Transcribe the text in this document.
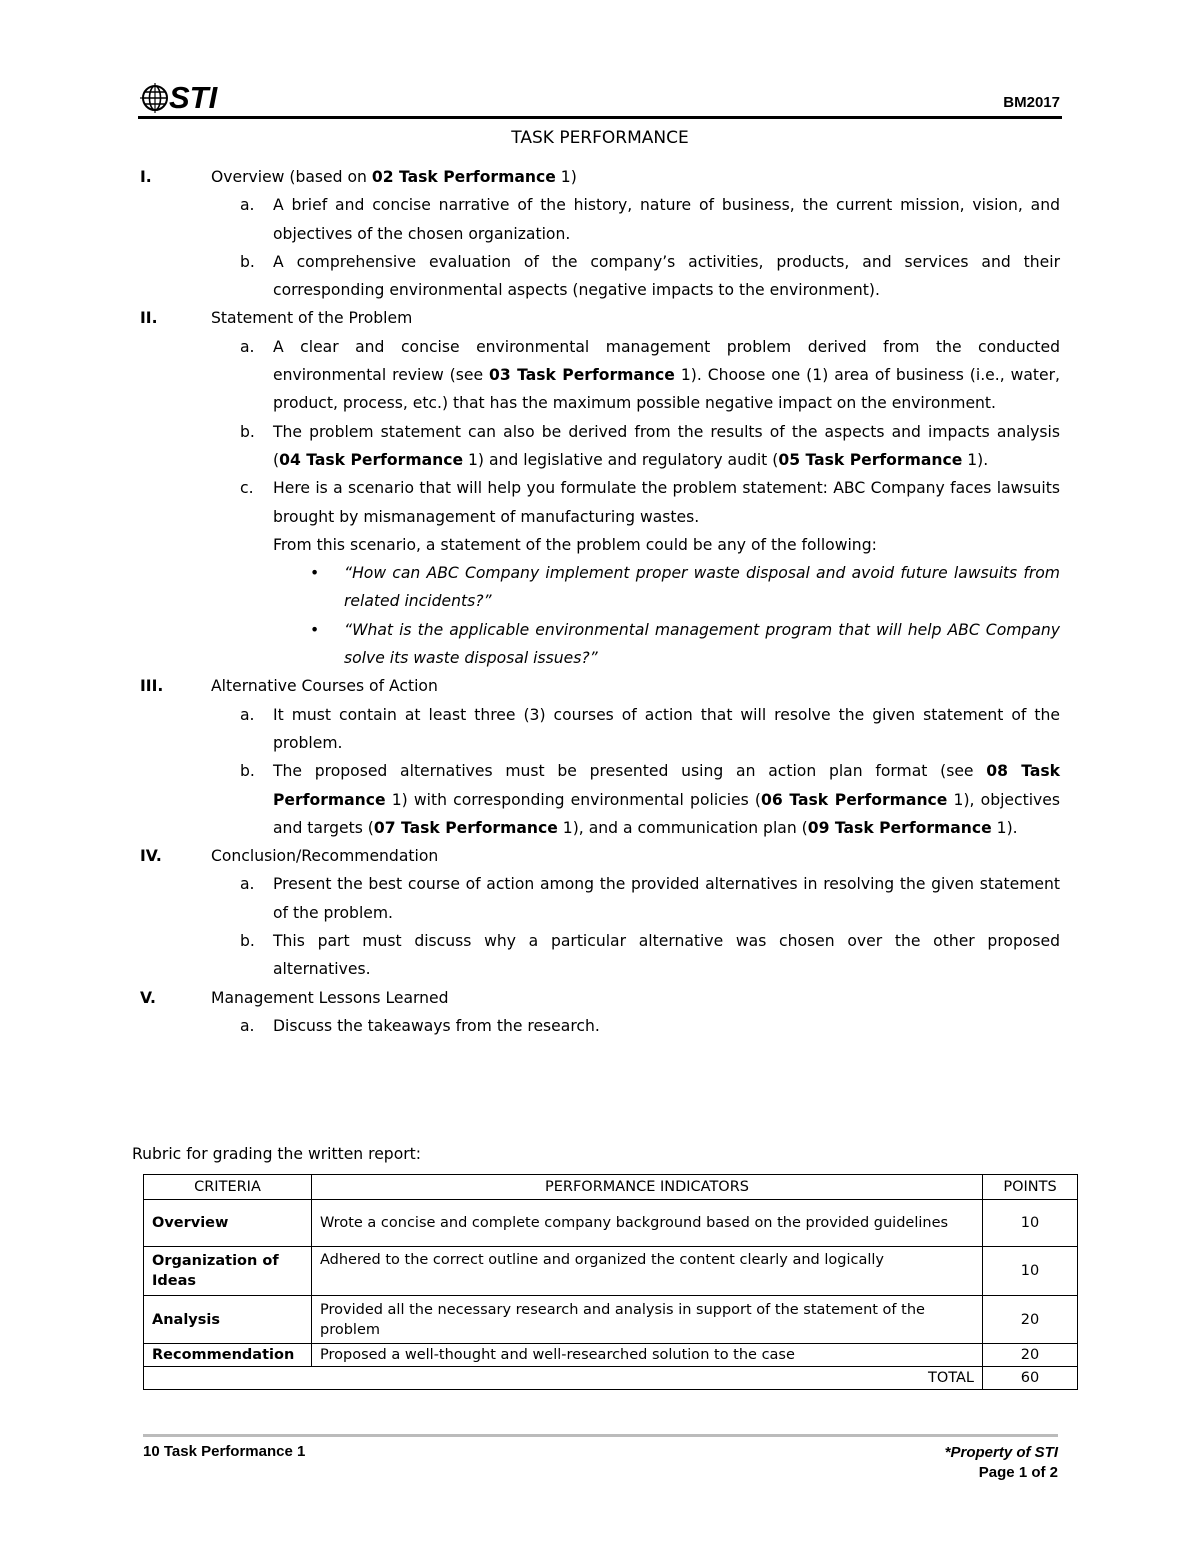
STI	BM2017
TASK PERFORMANCE
I.	Overview (based on 02 Task Performance 1)
a. A brief and concise narrative of the history, nature of business, the current mission, vision, and objectives of the chosen organization.
b. A comprehensive evaluation of the company’s activities, products, and services and their corresponding environmental aspects (negative impacts to the environment).
II.	Statement of the Problem
a. A clear and concise environmental management problem derived from the conducted environmental review (see 03 Task Performance 1). Choose one (1) area of business (i.e., water, product, process, etc.) that has the maximum possible negative impact on the environment.
b. The problem statement can also be derived from the results of the aspects and impacts analysis (04 Task Performance 1) and legislative and regulatory audit (05 Task Performance 1).
c. Here is a scenario that will help you formulate the problem statement: ABC Company faces lawsuits brought by mismanagement of manufacturing wastes.
From this scenario, a statement of the problem could be any of the following:
• “How can ABC Company implement proper waste disposal and avoid future lawsuits from related incidents?”
• “What is the applicable environmental management program that will help ABC Company solve its waste disposal issues?”
III.	Alternative Courses of Action
a. It must contain at least three (3) courses of action that will resolve the given statement of the problem.
b. The proposed alternatives must be presented using an action plan format (see 08 Task Performance 1) with corresponding environmental policies (06 Task Performance 1), objectives and targets (07 Task Performance 1), and a communication plan (09 Task Performance 1).
IV.	Conclusion/Recommendation
a. Present the best course of action among the provided alternatives in resolving the given statement of the problem.
b. This part must discuss why a particular alternative was chosen over the other proposed alternatives.
V.	Management Lessons Learned
a. Discuss the takeaways from the research.
Rubric for grading the written report:
CRITERIA	PERFORMANCE INDICATORS	POINTS
Overview	Wrote a concise and complete company background based on the provided guidelines	10
Organization of Ideas	Adhered to the correct outline and organized the content clearly and logically	10
Analysis	Provided all the necessary research and analysis in support of the statement of the problem	20
Recommendation	Proposed a well-thought and well-researched solution to the case	20
TOTAL		60
10 Task Performance 1	*Property of STI
Page 1 of 2
